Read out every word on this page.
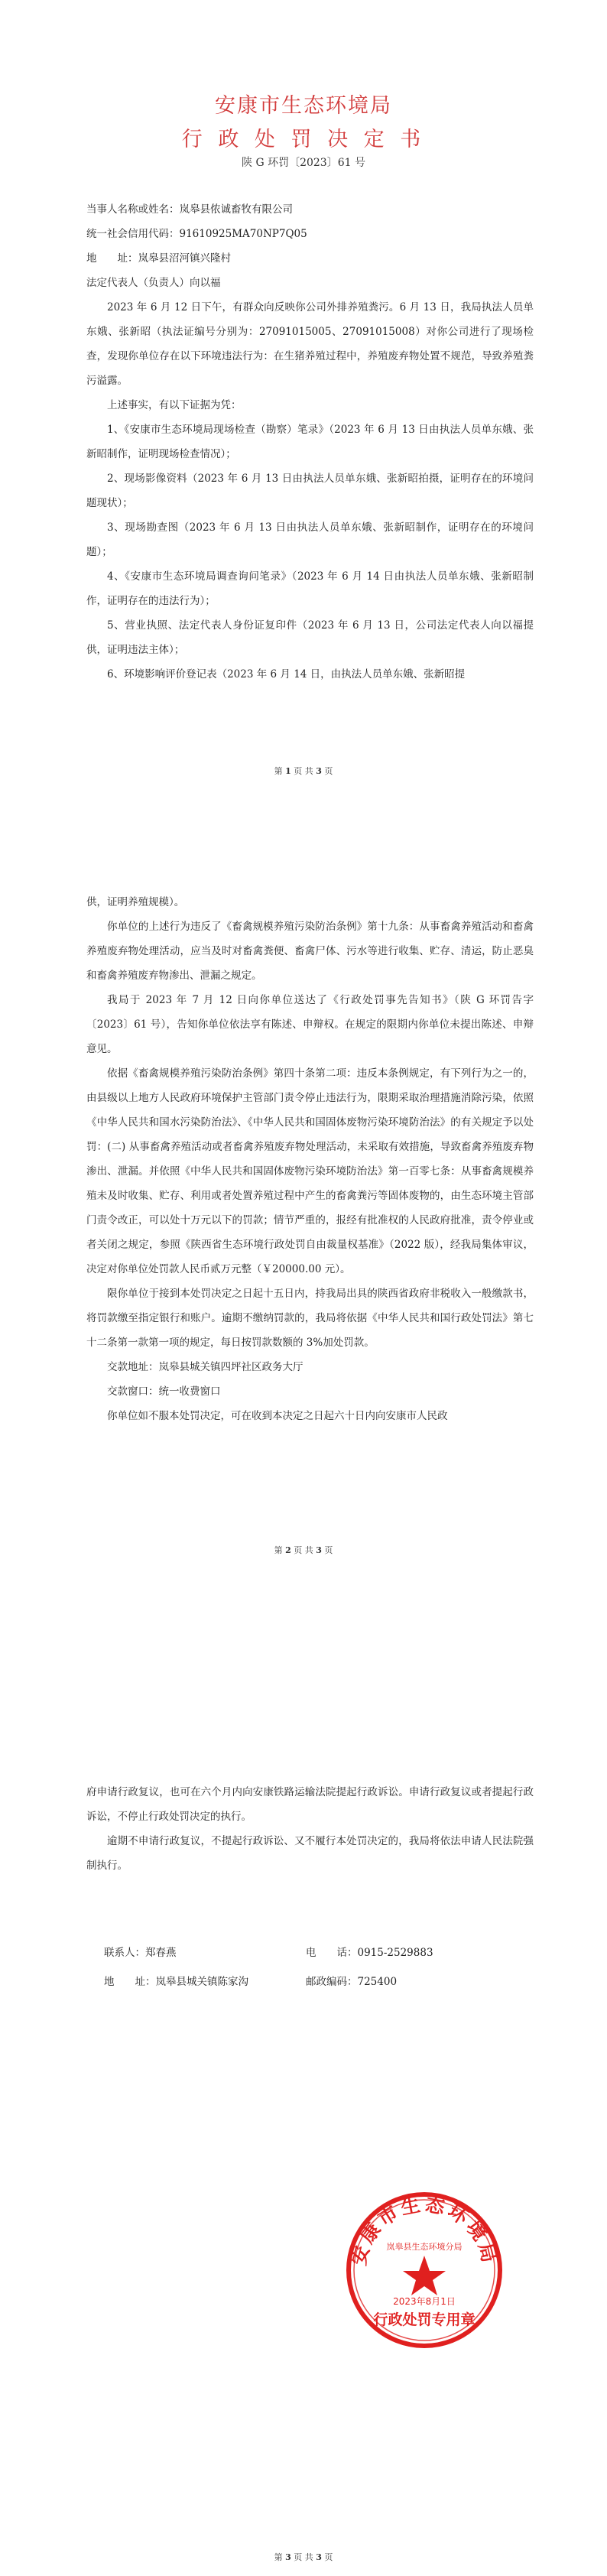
安康市生态环境局
行 政 处 罚 决 定 书
陕 G 环罚〔2023〕61 号

当事人名称或姓名：岚皋县侬诚畜牧有限公司

统一社会信用代码：91610925MA70NP7Q05

地　　址：岚皋县沼河镇兴隆村

法定代表人（负责人）向以福

2023 年 6 月 12 日下午，有群众向反映你公司外排养殖粪污。6 月 13 日，我局执法人员单东娥、张新昭（执法证编号分别为：27091015005、27091015008）对你公司进行了现场检查，发现你单位存在以下环境违法行为：在生猪养殖过程中，养殖废弃物处置不规范，导致养殖粪污溢露。

上述事实，有以下证据为凭：

1、《安康市生态环境局现场检查（勘察）笔录》（2023 年 6 月 13 日由执法人员单东娥、张新昭制作，证明现场检查情况）；

2、现场影像资料（2023 年 6 月 13 日由执法人员单东娥、张新昭拍摄，证明存在的环境问题现状）；

3、现场勘查图（2023 年 6 月 13 日由执法人员单东娥、张新昭制作，证明存在的环境问题）；

4、《安康市生态环境局调查询问笔录》（2023 年 6 月 14 日由执法人员单东娥、张新昭制作，证明存在的违法行为）；

5、营业执照、法定代表人身份证复印件（2023 年 6 月 13 日，公司法定代表人向以福提供，证明违法主体）；

6、环境影响评价登记表（2023 年 6 月 14 日，由执法人员单东娥、张新昭提

第 1 页 共 3 页

供，证明养殖规模）。

你单位的上述行为违反了《畜禽规模养殖污染防治条例》第十九条：从事畜禽养殖活动和畜禽养殖废弃物处理活动，应当及时对畜禽粪便、畜禽尸体、污水等进行收集、贮存、清运，防止恶臭和畜禽养殖废弃物渗出、泄漏之规定。

我局于 2023 年 7 月 12 日向你单位送达了《行政处罚事先告知书》（陕 G 环罚告字〔2023〕61 号），告知你单位依法享有陈述、申辩权。在规定的限期内你单位未提出陈述、申辩意见。

依据《畜禽规模养殖污染防治条例》第四十条第二项：违反本条例规定，有下列行为之一的，由县级以上地方人民政府环境保护主管部门责令停止违法行为，限期采取治理措施消除污染，依照《中华人民共和国水污染防治法》、《中华人民共和国固体废物污染环境防治法》的有关规定予以处罚：(二) 从事畜禽养殖活动或者畜禽养殖废弃物处理活动，未采取有效措施，导致畜禽养殖废弃物渗出、泄漏。并依照《中华人民共和国固体废物污染环境防治法》第一百零七条：从事畜禽规模养殖未及时收集、贮存、利用或者处置养殖过程中产生的畜禽粪污等固体废物的，由生态环境主管部门责令改正，可以处十万元以下的罚款；情节严重的，报经有批准权的人民政府批准，责令停业或者关闭之规定，参照《陕西省生态环境行政处罚自由裁量权基准》（2022 版），经我局集体审议，决定对你单位处罚款人民币贰万元整（￥20000.00 元）。

限你单位于接到本处罚决定之日起十五日内，持我局出具的陕西省政府非税收入一般缴款书，将罚款缴至指定银行和账户。逾期不缴纳罚款的，我局将依据《中华人民共和国行政处罚法》第七十二条第一款第一项的规定，每日按罚款数额的 3%加处罚款。

交款地址：岚皋县城关镇四坪社区政务大厅

交款窗口：统一收费窗口

你单位如不服本处罚决定，可在收到本决定之日起六十日内向安康市人民政

第 2 页 共 3 页

府申请行政复议，也可在六个月内向安康铁路运输法院提起行政诉讼。申请行政复议或者提起行政诉讼，不停止行政处罚决定的执行。

逾期不申请行政复议，不提起行政诉讼、又不履行本处罚决定的，我局将依法申请人民法院强制执行。

联系人：郑春燕	电　　话：0915-2529883
地　　址：岚皋县城关镇陈家沟	邮政编码：725400
第 3 页 共 3 页
安康市生态环境局
岚皋县生态环境分局
2023年8月1日
行政处罚专用章
